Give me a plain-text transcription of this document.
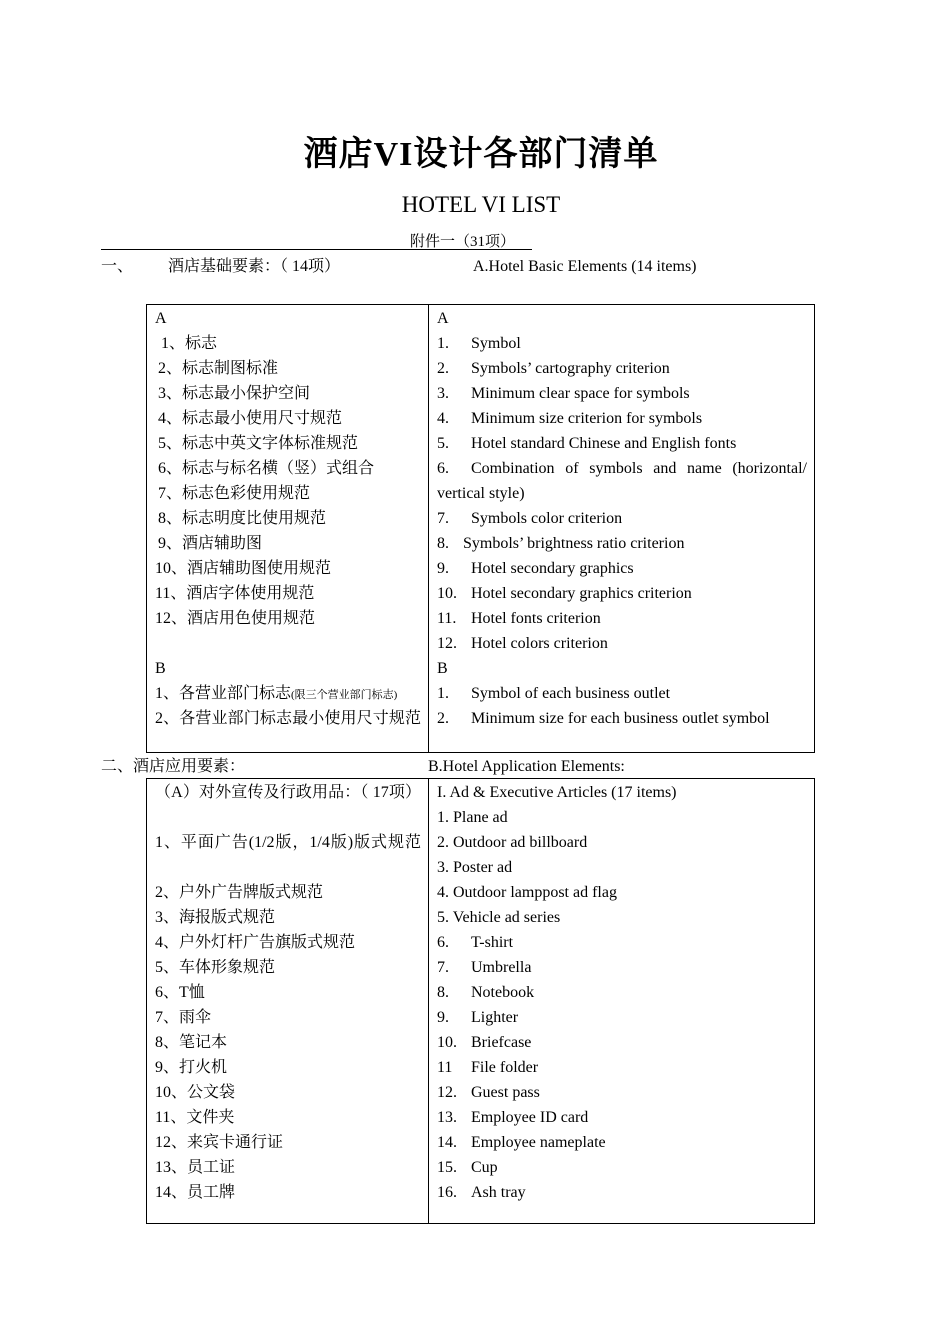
酒店VI设计各部门清单
HOTEL VI LIST
附件一（31项）
一、 酒店基础要素：（ 14项）	A.Hotel Basic Elements (14 items)
A
1、标志
2、标志制图标准
3、标志最小保护空间
4、标志最小使用尺寸规范
5、标志中英文字体标准规范
6、标志与标名横（竖）式组合
7、标志色彩使用规范
8、标志明度比使用规范
9、酒店辅助图
10、酒店辅助图使用规范
11、酒店字体使用规范
12、酒店用色使用规范
B
1、各营业部门标志(限三个营业部门标志)
2、各营业部门标志最小使用尺寸规范
A
1. Symbol
2. Symbols’ cartography criterion
3. Minimum clear space for symbols
4. Minimum size criterion for symbols
5. Hotel standard Chinese and English fonts
6. Combination of symbols and name (horizontal/
vertical style)
7. Symbols color criterion
8. Symbols’ brightness ratio criterion
9. Hotel secondary graphics
10. Hotel secondary graphics criterion
11. Hotel fonts criterion
12. Hotel colors criterion
B
1. Symbol of each business outlet
2. Minimum size for each business outlet symbol
二、酒店应用要素：	B.Hotel Application Elements:
（A）对外宣传及行政用品：（ 17项）
1、平面广告(1/2版，1/4版)版式规范
2、户外广告牌版式规范
3、海报版式规范
4、户外灯杆广告旗版式规范
5、车体形象规范
6、T恤
7、雨伞
8、笔记本
9、打火机
10、公文袋
11、文件夹
12、来宾卡通行证
13、员工证
14、员工牌
I. Ad & Executive Articles (17 items)
1. Plane ad
2. Outdoor ad billboard
3. Poster ad
4. Outdoor lamppost ad flag
5. Vehicle ad series
6. T-shirt
7. Umbrella
8. Notebook
9. Lighter
10. Briefcase
11 File folder
12. Guest pass
13. Employee ID card
14. Employee nameplate
15. Cup
16. Ash tray
